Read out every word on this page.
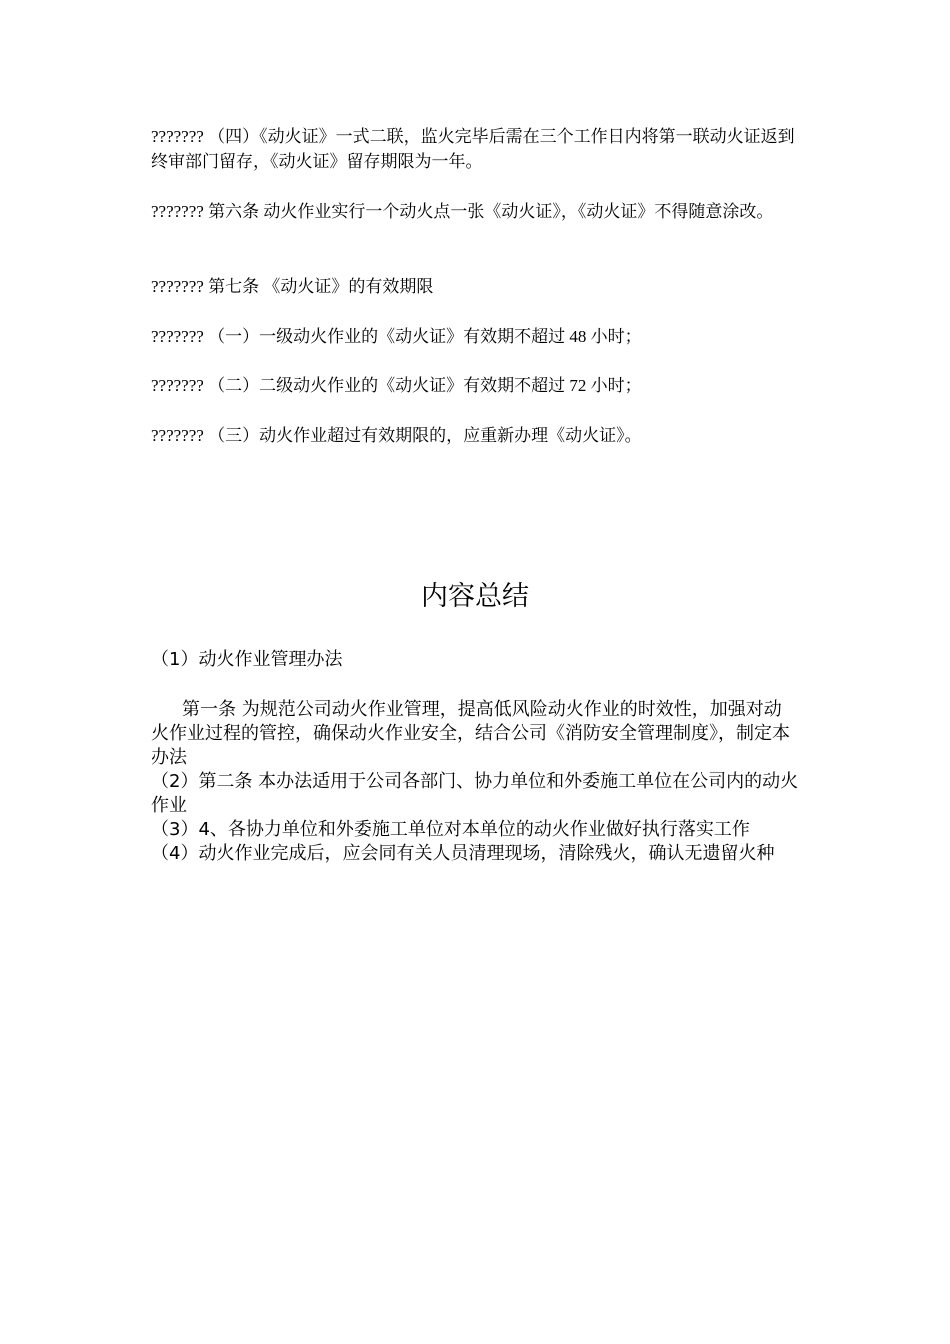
??????? （四）《动火证》一式二联，监火完毕后需在三个工作日内将第一联动火证返到终审部门留存，《动火证》留存期限为一年。
??????? 第六条 动火作业实行一个动火点一张《动火证》，《动火证》不得随意涂改。
??????? 第七条 《动火证》的有效期限
??????? （一）一级动火作业的《动火证》有效期不超过 48 小时；
??????? （二）二级动火作业的《动火证》有效期不超过 72 小时；
??????? （三）动火作业超过有效期限的，应重新办理《动火证》。
内容总结
（1）动火作业管理办法

第一条 为规范公司动火作业管理，提高低风险动火作业的时效性，加强对动火作业过程的管控，确保动火作业安全，结合公司《消防安全管理制度》，制定本办法

（2）第二条 本办法适用于公司各部门、协力单位和外委施工单位在公司内的动火作业

（3）4、各协力单位和外委施工单位对本单位的动火作业做好执行落实工作

（4）动火作业完成后，应会同有关人员清理现场，清除残火，确认无遗留火种
